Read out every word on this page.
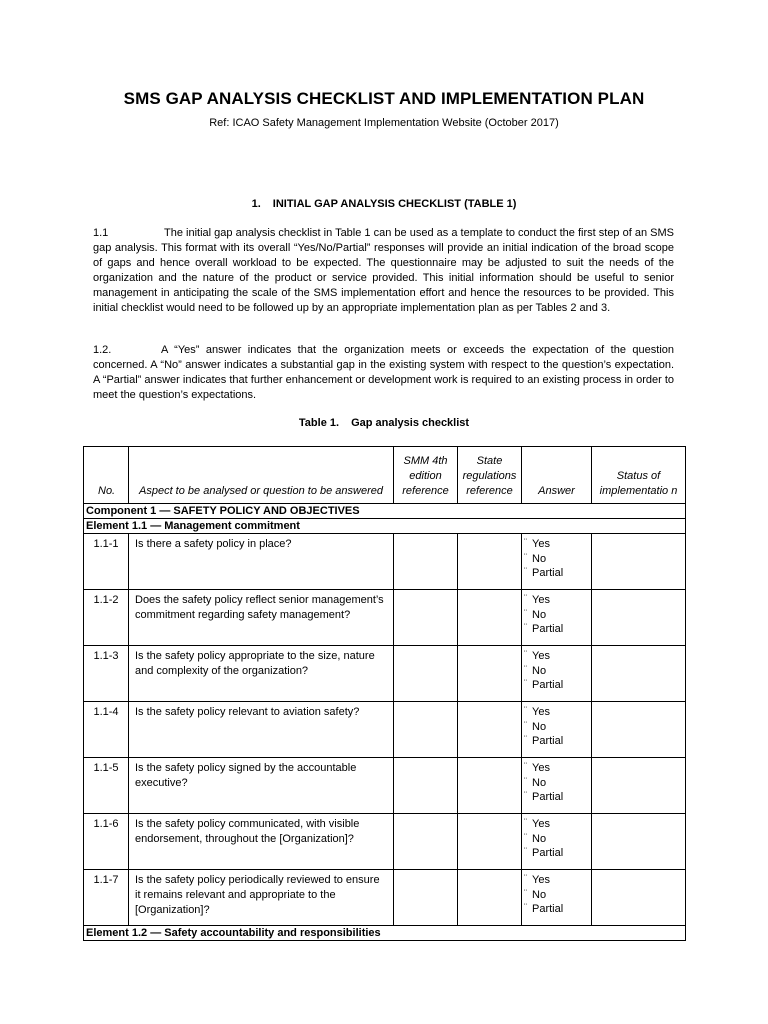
SMS GAP ANALYSIS CHECKLIST AND IMPLEMENTATION PLAN
Ref: ICAO Safety Management Implementation Website (October 2017)
1. INITIAL GAP ANALYSIS CHECKLIST (TABLE 1)

1.1	The initial gap analysis checklist in Table 1 can be used as a template to conduct the first step of an SMS gap analysis. This format with its overall “Yes/No/Partial” responses will provide an initial indication of the broad scope of gaps and hence overall workload to be expected. The questionnaire may be adjusted to suit the needs of the organization and the nature of the product or service provided. This initial information should be useful to senior management in anticipating the scale of the SMS implementation effort and hence the resources to be provided. This initial checklist would need to be followed up by an appropriate implementation plan as per Tables 2 and 3.

1.2.	A “Yes” answer indicates that the organization meets or exceeds the expectation of the question concerned. A “No” answer indicates a substantial gap in the existing system with respect to the question’s expectation. A “Partial” answer indicates that further enhancement or development work is required to an existing process in order to meet the question’s expectations.

Table 1. Gap analysis checklist
No.	Aspect to be analysed or question to be answered	SMM 4th edition reference	State regulations reference	Answer	Status of implementatio n
Component 1 — SAFETY POLICY AND OBJECTIVES					
Element 1.1 — Management commitment					
1.1-1	Is there a safety policy in place?			¨ Yes
¨ No
¨ Partial	

1.1-2	Does the safety policy reflect senior management’s commitment regarding safety management?			¨ Yes
¨ No
¨ Partial	

1.1-3	Is the safety policy appropriate to the size, nature and complexity of the organization?			¨ Yes
¨ No
¨ Partial	

1.1-4	Is the safety policy relevant to aviation safety?			¨ Yes
¨ No
¨ Partial	

1.1-5	Is the safety policy signed by the accountable executive?			¨ Yes
¨ No
¨ Partial	

1.1-6	Is the safety policy communicated, with visible endorsement, throughout the [Organization]?			¨ Yes
¨ No
¨ Partial	

1.1-7	Is the safety policy periodically reviewed to ensure it remains relevant and appropriate to the [Organization]?			¨ Yes
¨ No
¨ Partial	

Element 1.2 — Safety accountability and responsibilities					
